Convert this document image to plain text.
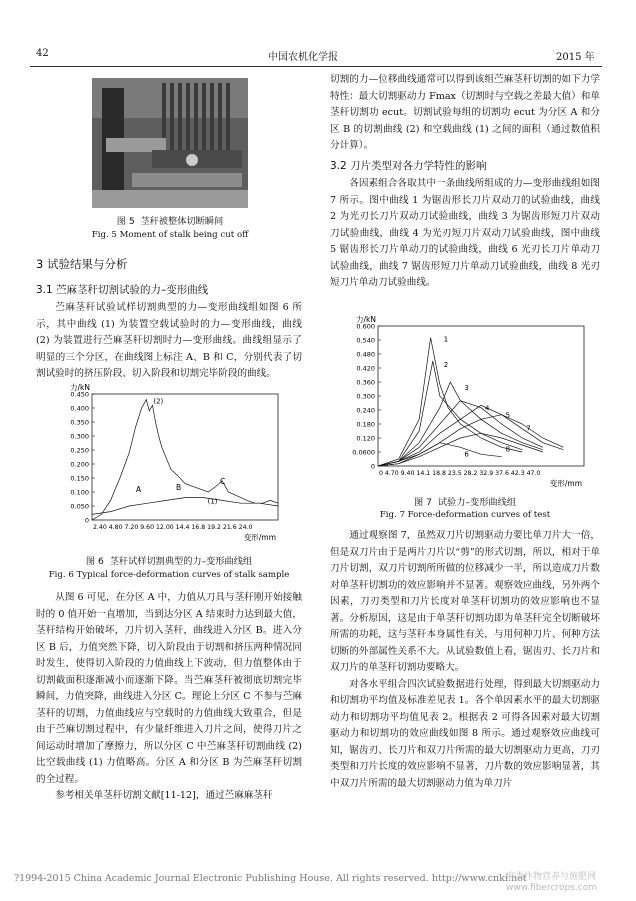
42	中国农机化学报	2015 年
图 5 茎秆被整体切断瞬间
Fig. 5 Moment of stalk being cut off
3 试验结果与分析
3.1 苎麻茎秆切割试验的力–变形曲线

苎麻茎秆试验试样切割典型的力—变形曲线组如图 6 所示，其中曲线 (1) 为装置空载试验时的力—变形曲线，曲线 (2) 为装置进行苎麻茎秆切割时力—变形曲线。曲线组显示了明显的三个分区，在曲线图上标注 A、B 和 C，分别代表了切割试验时的挤压阶段、切入阶段和切割完毕阶段的曲线。

力/kN
变形/mm
0
0.050
0.100
0.150
0.200
0.250
0.300
0.350
0.400
0.450
2.40 4.80 7.20 9.60 12.00 14.4 16.8 19.2 21.6 24.0
(2)
(1)
A	B
C
图 6 茎秆试样切割典型的力–变形曲线组
Fig. 6 Typical force-deformation curves of stalk sample

从图 6 可见，在分区 A 中，力值从刀具与茎秆刚开始接触时的 0 值开始一直增加，当到达分区 A 结束时力达到最大值，茎秆结构开始破坏，刀片切入茎秆，曲线进入分区 B。进入分区 B 后，力值突然下降，切入阶段由于切割和挤压两种情况同时发生，使得切入阶段的力值曲线上下波动，但力值整体由于切割截面积逐渐减小而逐渐下降。当苎麻茎秆被彻底切割完毕瞬间，力值突降，曲线进入分区 C。理论上分区 C 不参与苎麻茎秆的切割，力值曲线应与空载时的力值曲线大致重合，但是由于苎麻切割过程中，有少量纤维进入刀片之间，使得刀片之间运动时增加了摩擦力，所以分区 C 中苎麻茎秆切割曲线 (2) 比空载曲线 (1) 力值略高。分区 A 和分区 B 为苎麻茎秆切割的全过程。

参考相关单茎秆切割文献[11-12]，通过苎麻麻茎秆

切割的力—位移曲线通常可以得到该组苎麻茎秆切割的如下力学特性：最大切割驱动力 Fmax（切割时与空载之差最大值）和单茎秆切割功 ecut。切割试验每组的切割功 ecut 为分区 A 和分区 B 的切割曲线 (2) 和空载曲线 (1) 之间的面积（通过数值积分计算）。

3.2 刀片类型对各力学特性的影响

各因素组合各取其中一条曲线所组成的力—变形曲线组如图 7 所示。图中曲线 1 为锯齿形长刀片双动刀的试验曲线，曲线 2 为光刃长刀片双动刀试验曲线，曲线 3 为锯齿形短刀片双动刀试验曲线，曲线 4 为光刃短刀片双动刀试验曲线，图中曲线 5 锯齿形长刀片单动刀的试验曲线，曲线 6 光刃长刀片单动刀试验曲线，曲线 7 锯齿形短刀片单动刀试验曲线，曲线 8 光刃短刀片单动刀试验曲线。

力/kN
变形/mm
0
0.0600
0.120
0.180
0.240
0.300
0.360
0.420
0.480
0.540
0.600
0 4.70 9.40 14.1 18.8 23.5 28.2 32.9 37.6 42.3 47.0
1
2
3
4
5
6
7
8
图 7 试验力–变形曲线组
Fig. 7 Force-deformation curves of test

通过观察图 7，虽然双刀片切割驱动力要比单刀片大一倍，但是双刀片由于是两片刀片以“剪”的形式切割，所以，相对于单刀片切割，双刀片切割所所做的位移减少一半，所以造成刀片数对单茎秆切割功的效应影响并不显著。观察效应曲线，另外两个因素，刀刃类型和刀片长度对单茎秆切割功的效应影响也不显著。分析原因，这是由于单茎秆切割功即为单茎秆完全切断破坏所需的功耗，这与茎秆本身属性有关，与用何种刀片、何种方法切断的外部属性关系不大。从试验数值上看，锯齿刃、长刀片和双刀片的单茎秆切割功要略大。

对各水平组合四次试验数据进行处理，得到最大切割驱动力和切割功平均值及标准差见表 1。各个单因素水平的最大切割驱动力和切割功平均值见表 2。根据表 2 可得各因素对最大切割驱动力和切割功的效应曲线如图 8 所示。通过观察效应曲线可知，锯齿刃、长刀片和双刀片所需的最大切割驱动力更高，刀刃类型和刀片长度的效应影响不显著，刀片数的效应影响显著，其中双刀片所需的最大切割驱动力值为单刀片

?1994-2015 China Academic Journal Electronic Publishing House. All rights reserved. http://www.cnki.net
麻类作物营养与施肥网 www.fibercrops.com
